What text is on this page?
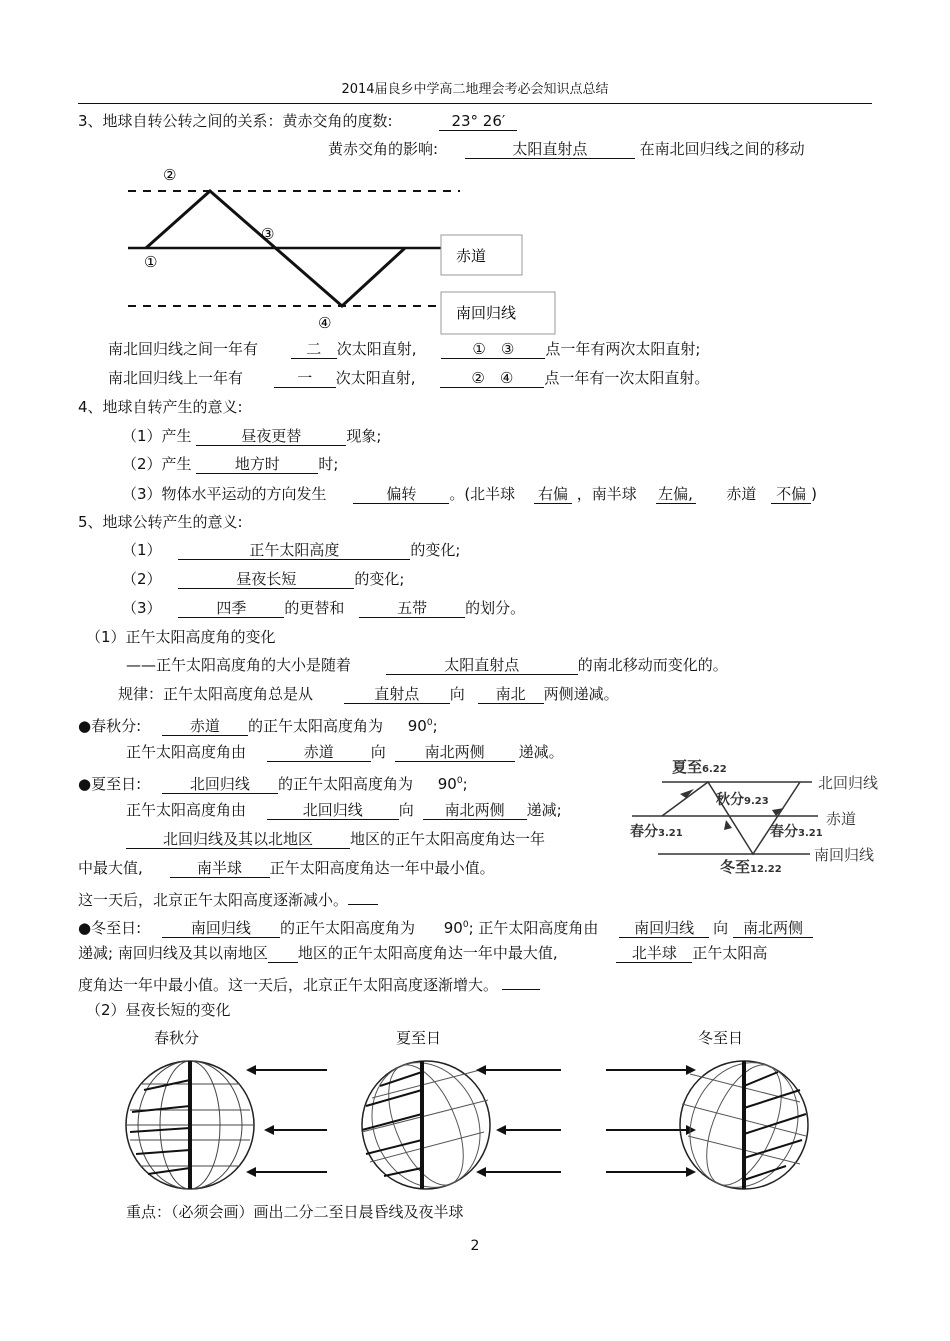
2014届良乡中学高二地理会考必会知识点总结
3、地球自转公转之间的关系：黄赤交角的度数:	23° 26′
黄赤交角的影响:	太阳直射点	在南北回归线之间的移动
赤道
南回归线
①
②
③
④
南北回归线之间一年有	二 次太阳直射,	①　③ 点一年有两次太阳直射;
南北回归线上一年有	一 次太阳直射,	②　④ 点一年有一次太阳直射。
4、地球自转产生的意义:
（1）产生	昼夜更替	现象;
（2）产生	地方时	时;
（3）物体水平运动的方向发生	偏转 。(北半球 右偏 ，南半球 左偏, 赤道 不偏 )
5、地球公转产生的意义:
（1）	正午太阳高度	的变化;
（2）	昼夜长短	的变化;
（3）	四季	的更替和	五带	的划分。
（1）正午太阳高度角的变化
——正午太阳高度角的大小是随着	太阳直射点	的南北移动而变化的。
规律：正午太阳高度角总是从	直射点 向 南北 两侧递减。
●春秋分:	赤道 的正午太阳高度角为 $90^0$;
正午太阳高度角由	赤道 向	南北两侧 递减。
●夏至日:	北回归线 的正午太阳高度角为 $90^0$;
正午太阳高度角由	北回归线 向 南北两侧 递减;
北回归线及其以北地区 地区的正午太阳高度角达一年
中最大值,	南半球 正午太阳高度角达一年中最小值。
这一天后，北京正午太阳高度逐渐减小。
夏至6.22
秋分9.23
春分3.21	春分3.21
冬至12.22
北回归线
赤道
南回归线
●冬至日:	南回归线 的正午太阳高度角为 $90^0$; 正午太阳高度角由 南回归线 向 南北两侧
递减; 南回归线及其以南地区 地区的正午太阳高度角达一年中最大值,	北半球 正午太阳高
度角达一年中最小值。这一天后，北京正午太阳高度逐渐增大。
（2）昼夜长短的变化
春秋分	夏至日	冬至日
重点：（必须会画）画出二分二至日晨昏线及夜半球
2
